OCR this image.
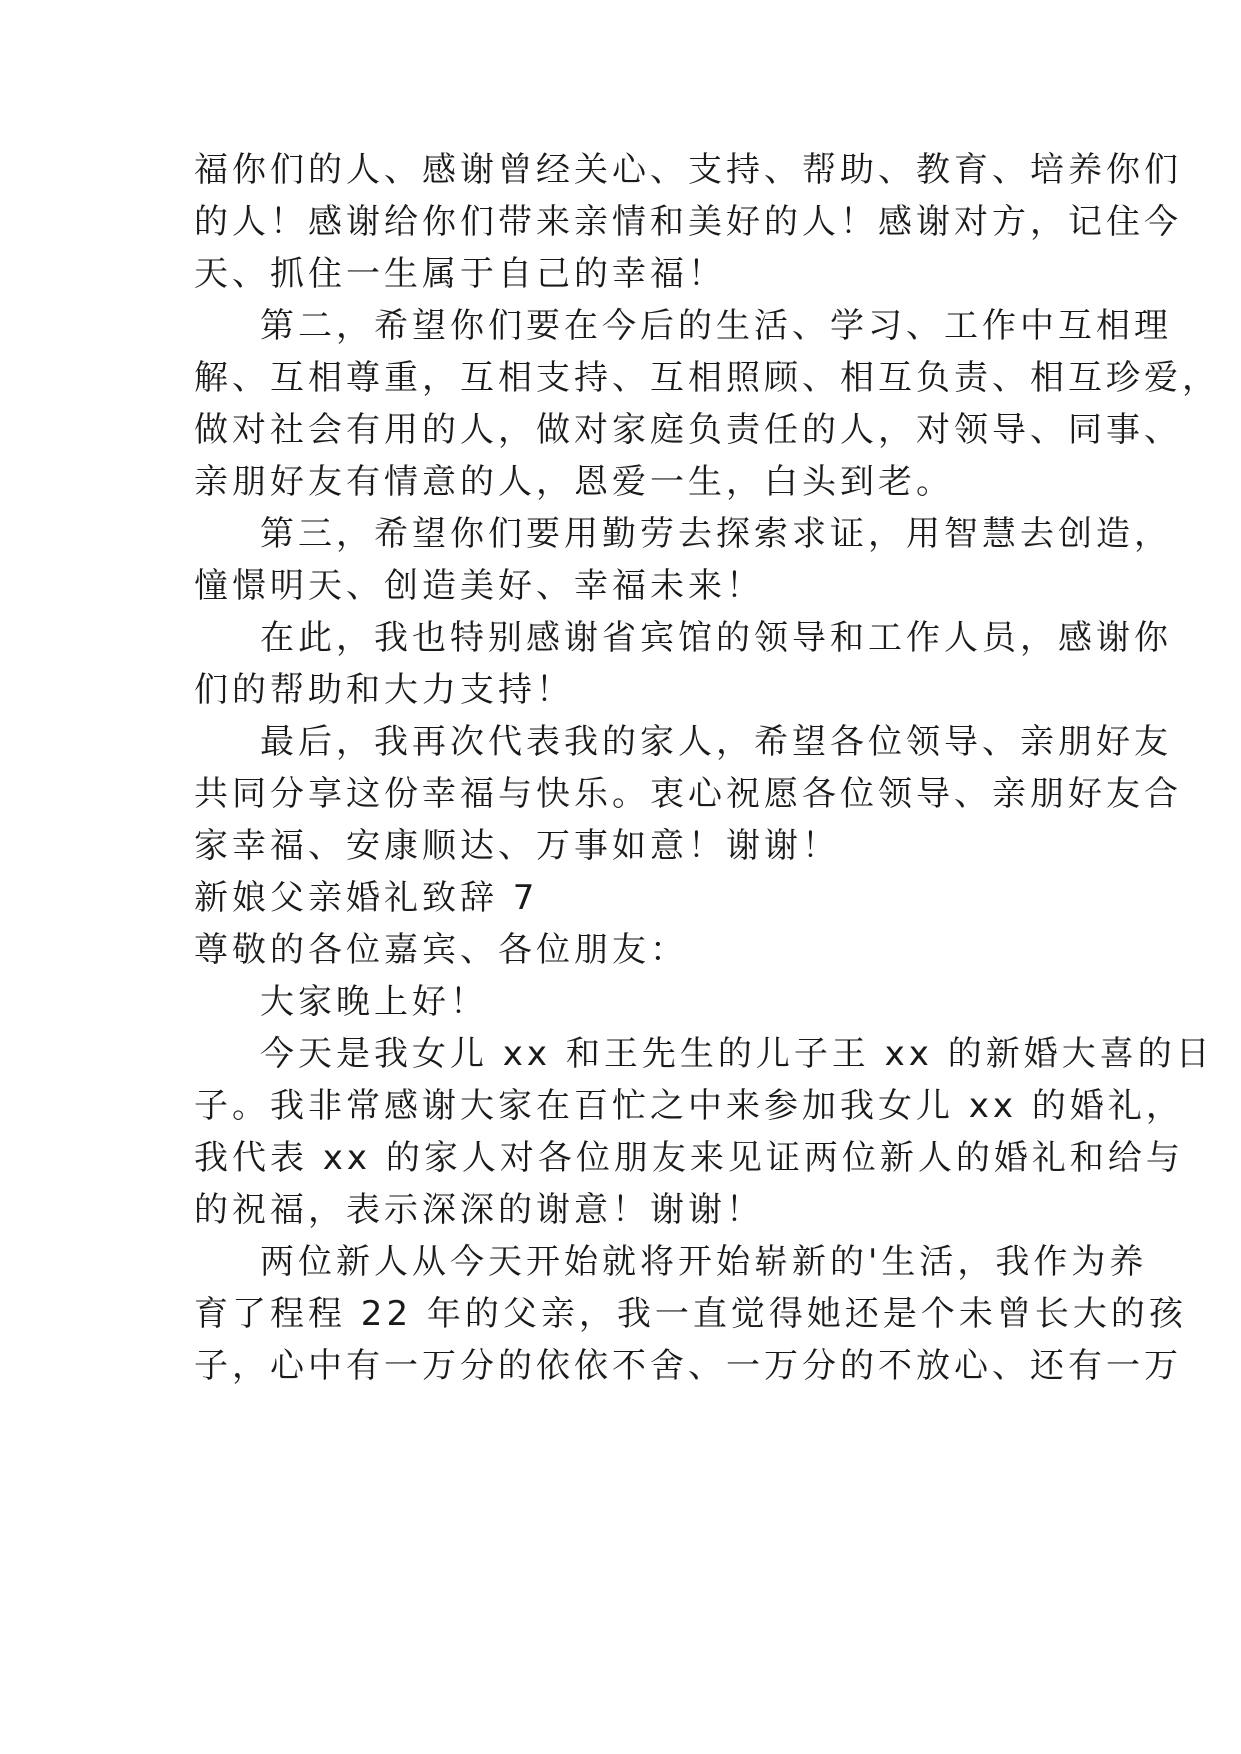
福你们的人、感谢曾经关心、支持、帮助、教育、培养你们
的人！感谢给你们带来亲情和美好的人！感谢对方，记住今
天、抓住一生属于自己的幸福！
第二，希望你们要在今后的生活、学习、工作中互相理
解、互相尊重，互相支持、互相照顾、相互负责、相互珍爱，
做对社会有用的人，做对家庭负责任的人，对领导、同事、
亲朋好友有情意的人，恩爱一生，白头到老。
第三，希望你们要用勤劳去探索求证，用智慧去创造，
憧憬明天、创造美好、幸福未来！
在此，我也特别感谢省宾馆的领导和工作人员，感谢你
们的帮助和大力支持！
最后，我再次代表我的家人，希望各位领导、亲朋好友
共同分享这份幸福与快乐。衷心祝愿各位领导、亲朋好友合
家幸福、安康顺达、万事如意！谢谢！
新娘父亲婚礼致辞 7
尊敬的各位嘉宾、各位朋友：
大家晚上好！
今天是我女儿 xx 和王先生的儿子王 xx 的新婚大喜的日
子。我非常感谢大家在百忙之中来参加我女儿 xx 的婚礼，
我代表 xx 的家人对各位朋友来见证两位新人的婚礼和给与
的祝福，表示深深的谢意！谢谢！
两位新人从今天开始就将开始崭新的'生活，我作为养
育了程程 22 年的父亲，我一直觉得她还是个未曾长大的孩
子，心中有一万分的依依不舍、一万分的不放心、还有一万
